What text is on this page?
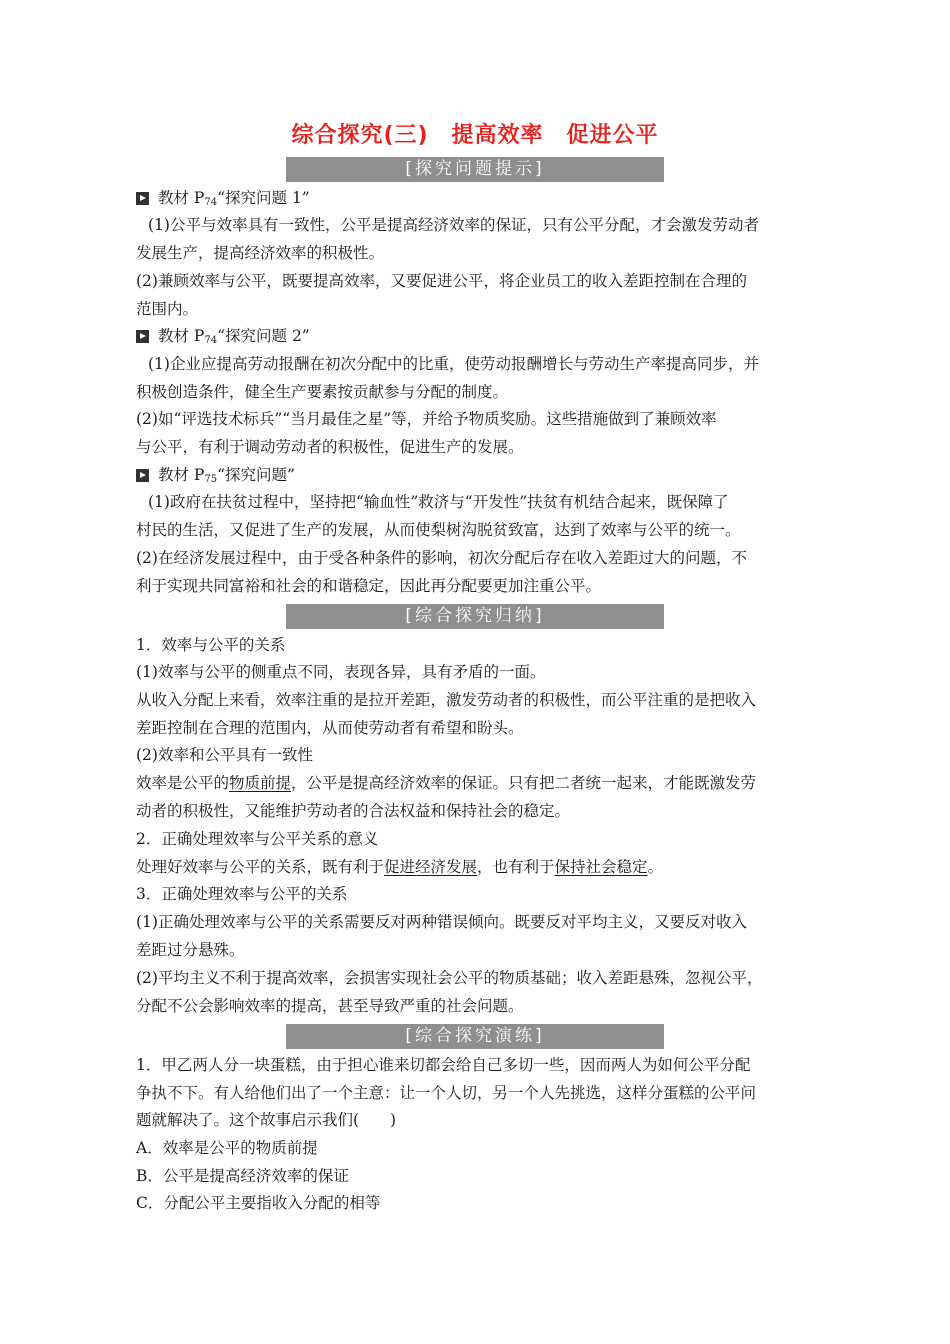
综合探究(三)　提高效率　促进公平
[探究问题提示]
教材 $P_{74}“$探究问题 1”
(1)公平与效率具有一致性，公平是提高经济效率的保证，只有公平分配，才会激发劳动者
发展生产，提高经济效率的积极性。
(2)兼顾效率与公平，既要提高效率，又要促进公平，将企业员工的收入差距控制在合理的
范围内。
教材 $P_{74}“$探究问题 2”
(1)企业应提高劳动报酬在初次分配中的比重，使劳动报酬增长与劳动生产率提高同步，并
积极创造条件，健全生产要素按贡献参与分配的制度。
(2)如“评选技术标兵”“当月最佳之星”等，并给予物质奖励。这些措施做到了兼顾效率
与公平，有利于调动劳动者的积极性，促进生产的发展。
教材 $P_{75}“$探究问题”
(1)政府在扶贫过程中，坚持把“输血性”救济与“开发性”扶贫有机结合起来，既保障了
村民的生活，又促进了生产的发展，从而使梨树沟脱贫致富，达到了效率与公平的统一。
(2)在经济发展过程中，由于受各种条件的影响，初次分配后存在收入差距过大的问题，不
利于实现共同富裕和社会的和谐稳定，因此再分配要更加注重公平。
[综合探究归纳]
1．效率与公平的关系
(1)效率与公平的侧重点不同，表现各异，具有矛盾的一面。
从收入分配上来看，效率注重的是拉开差距，激发劳动者的积极性，而公平注重的是把收入
差距控制在合理的范围内，从而使劳动者有希望和盼头。
(2)效率和公平具有一致性
效率是公平的物质前提，公平是提高经济效率的保证。只有把二者统一起来，才能既激发劳
动者的积极性，又能维护劳动者的合法权益和保持社会的稳定。
2．正确处理效率与公平关系的意义
处理好效率与公平的关系，既有利于促进经济发展，也有利于保持社会稳定。
3．正确处理效率与公平的关系
(1)正确处理效率与公平的关系需要反对两种错误倾向。既要反对平均主义，又要反对收入
差距过分悬殊。
(2)平均主义不利于提高效率，会损害实现社会公平的物质基础；收入差距悬殊，忽视公平，
分配不公会影响效率的提高，甚至导致严重的社会问题。
[综合探究演练]
1．甲乙两人分一块蛋糕，由于担心谁来切都会给自己多切一些，因而两人为如何公平分配
争执不下。有人给他们出了一个主意：让一个人切，另一个人先挑选，这样分蛋糕的公平问
题就解决了。这个故事启示我们(　　)
A．效率是公平的物质前提
B．公平是提高经济效率的保证
C．分配公平主要指收入分配的相等
